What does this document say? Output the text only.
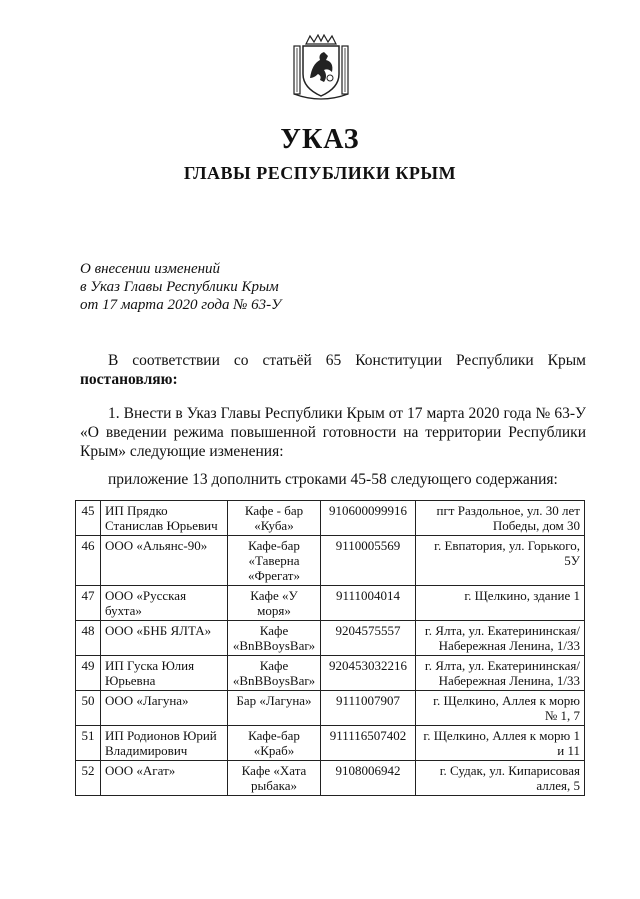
УКАЗ
ГЛАВЫ РЕСПУБЛИКИ КРЫМ
О внесении изменений
в Указ Главы Республики Крым
от 17 марта 2020 года № 63-У
В соответствии со статьёй 65 Конституции Республики Крым
постановляю:
1. Внести в Указ Главы Республики Крым от 17 марта 2020 года № 63-У «О введении режима повышенной готовности на территории Республики Крым» следующие изменения:
приложение 13 дополнить строками 45-58 следующего содержания:
45	ИП Прядко Станислав Юрьевич	Кафе - бар «Куба»	910600099916	пгт Раздольное, ул. 30 лет Победы, дом 30
46	ООО «Альянс-90»	Кафе-бар «Таверна «Фрегат»	9110005569	г. Евпатория, ул. Горького, 5У
47	ООО «Русская бухта»	Кафе «У моря»	9111004014	г. Щелкино, здание 1
48	ООО «БНБ ЯЛТА»	Кафе «BnBBoysBar»	9204575557	г. Ялта, ул. Екатерининская/ Набережная Ленина, 1/33
49	ИП Гуска Юлия Юрьевна	Кафе «BnBBoysBar»	920453032216	г. Ялта, ул. Екатерининская/ Набережная Ленина, 1/33
50	ООО «Лагуна»	Бар «Лагуна»	9111007907	г. Щелкино, Аллея к морю № 1, 7
51	ИП Родионов Юрий Владимирович	Кафе-бар «Краб»	911116507402	г. Щелкино, Аллея к морю 1 и 11
52	ООО «Агат»	Кафе «Хата рыбака»	9108006942	г. Судак, ул. Кипарисовая аллея, 5
